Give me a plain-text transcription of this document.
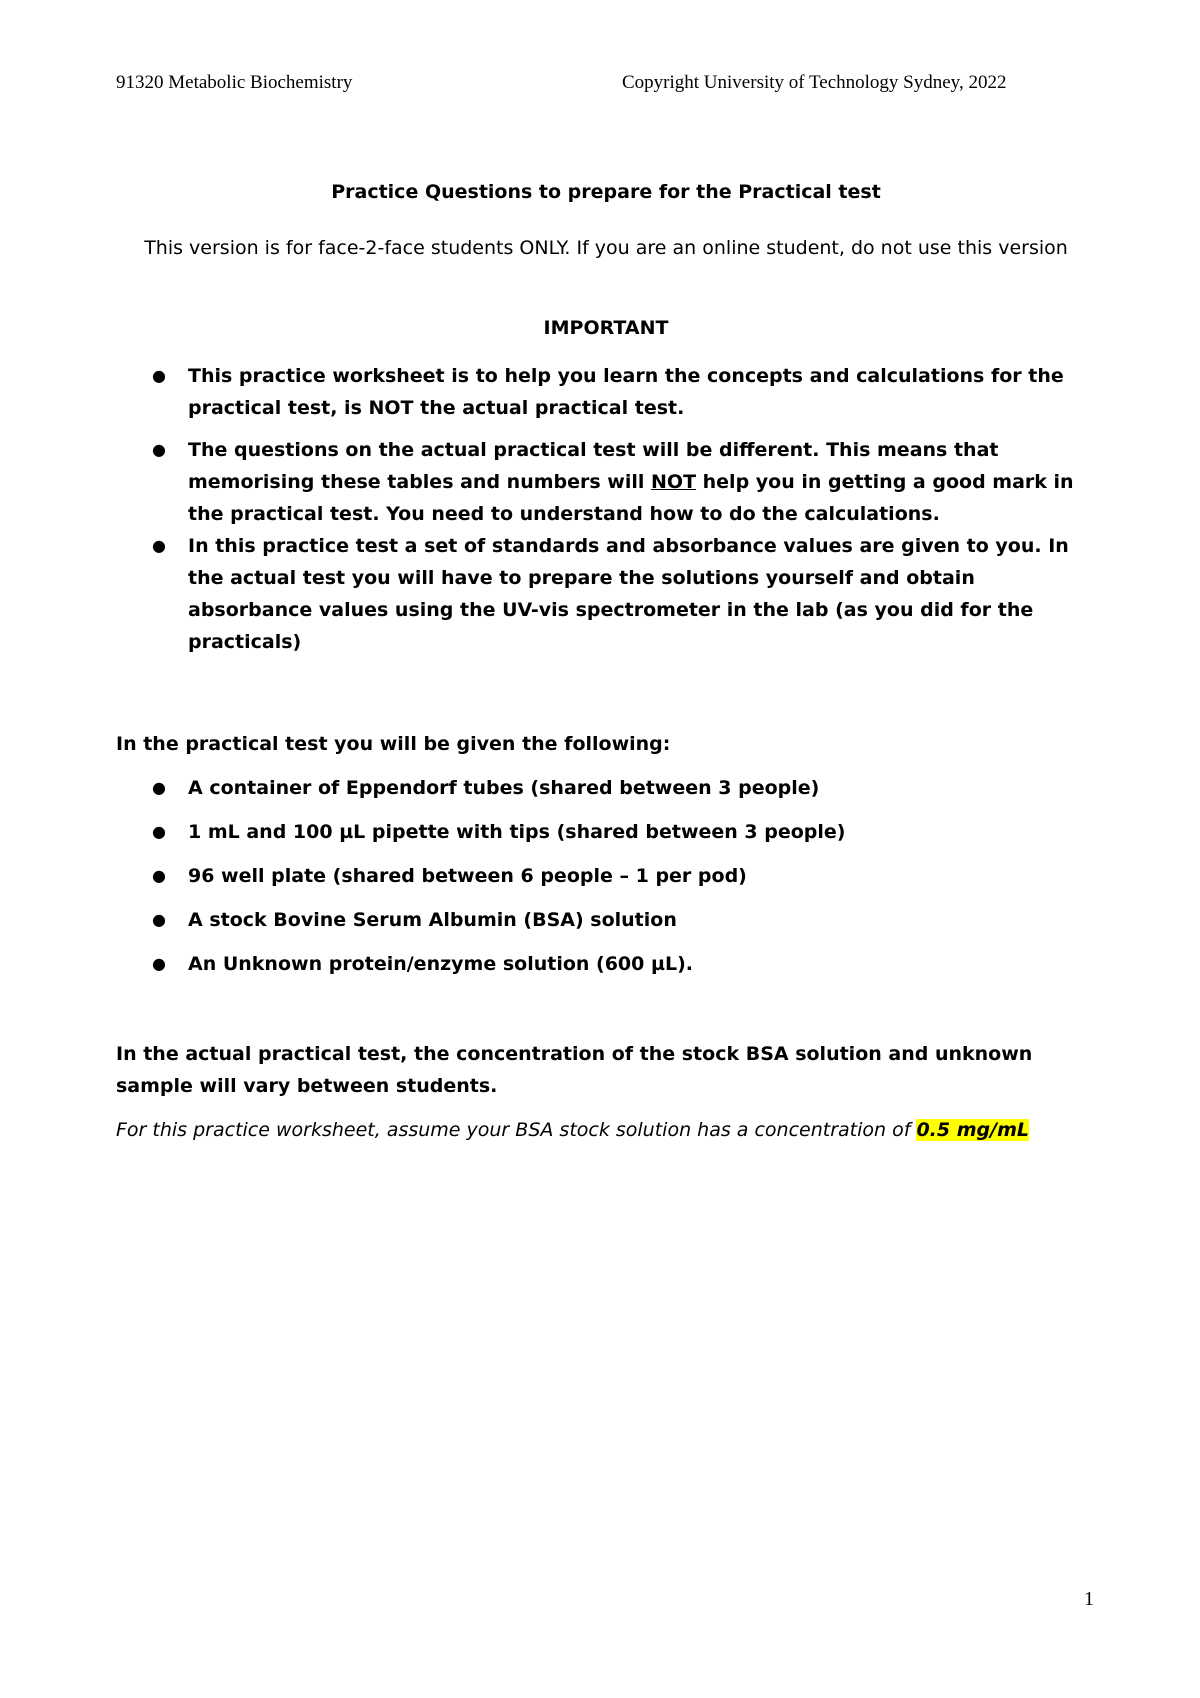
91320 Metabolic Biochemistry	Copyright University of Technology Sydney, 2022

Practice Questions to prepare for the Practical test

This version is for face-2-face students ONLY. If you are an online student, do not use this version

IMPORTANT

● This practice worksheet is to help you learn the concepts and calculations for the practical test, is NOT the actual practical test.
● The questions on the actual practical test will be different. This means that memorising these tables and numbers will NOT help you in getting a good mark in the practical test. You need to understand how to do the calculations.
● In this practice test a set of standards and absorbance values are given to you. In the actual test you will have to prepare the solutions yourself and obtain absorbance values using the UV-vis spectrometer in the lab (as you did for the practicals)

In the practical test you will be given the following:

● A container of Eppendorf tubes (shared between 3 people)
● 1 mL and 100 µL pipette with tips (shared between 3 people)
● 96 well plate (shared between 6 people – 1 per pod)
● A stock Bovine Serum Albumin (BSA) solution
● An Unknown protein/enzyme solution (600 µL).

In the actual practical test, the concentration of the stock BSA solution and unknown sample will vary between students.

For this practice worksheet, assume your BSA stock solution has a concentration of 0.5 mg/mL

1
